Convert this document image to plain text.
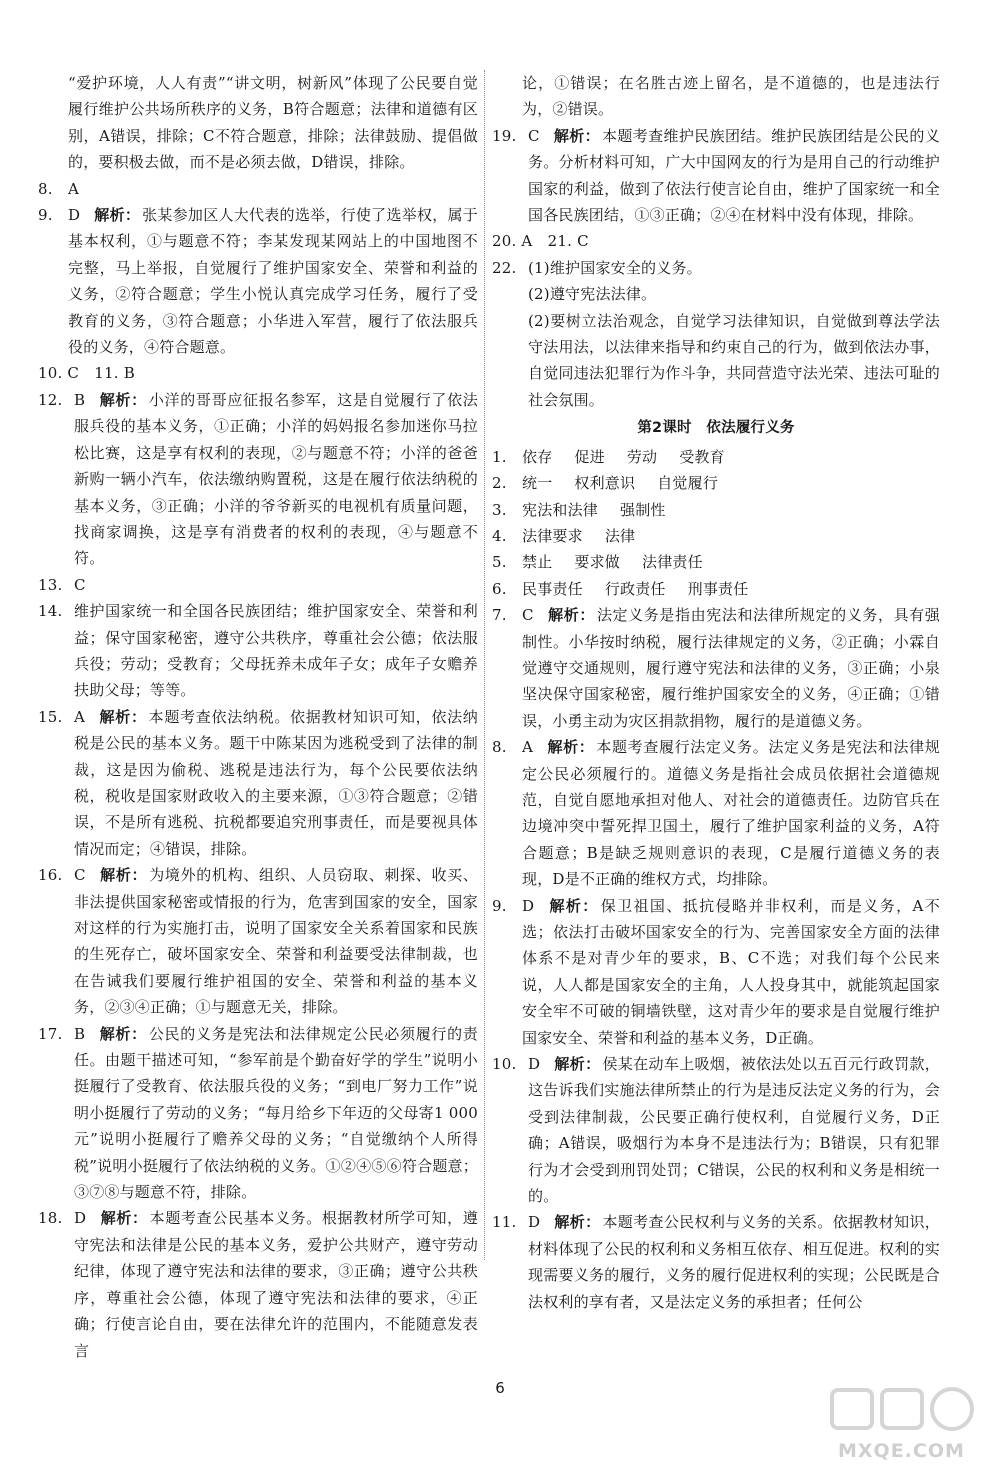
“爱护环境，人人有责”“讲文明，树新风”体现了公民要自觉履行维护公共场所秩序的义务，B符合题意；法律和道德有区别，A错误，排除；C不符合题意，排除；法律鼓励、提倡做的，要积极去做，而不是必须去做，D错误，排除。
8.	A
9.	D 解析： 张某参加区人大代表的选举，行使了选举权，属于基本权利，①与题意不符；李某发现某网站上的中国地图不完整，马上举报，自觉履行了维护国家安全、荣誉和利益的义务，②符合题意；学生小悦认真完成学习任务，履行了受教育的义务，③符合题意；小华进入军营，履行了依法服兵役的义务，④符合题意。
10. C　11. B
12. B 解析： 小洋的哥哥应征报名参军，这是自觉履行了依法服兵役的基本义务，①正确；小洋的妈妈报名参加迷你马拉松比赛，这是享有权利的表现，②与题意不符；小洋的爸爸新购一辆小汽车，依法缴纳购置税，这是在履行依法纳税的基本义务，③正确；小洋的爷爷新买的电视机有质量问题，找商家调换，这是享有消费者的权利的表现，④与题意不符。
13. C
14. 维护国家统一和全国各民族团结；维护国家安全、荣誉和利益；保守国家秘密，遵守公共秩序，尊重社会公德；依法服兵役；劳动；受教育；父母抚养未成年子女；成年子女赡养扶助父母；等等。
15. A 解析： 本题考查依法纳税。依据教材知识可知，依法纳税是公民的基本义务。题干中陈某因为逃税受到了法律的制裁，这是因为偷税、逃税是违法行为，每个公民要依法纳税，税收是国家财政收入的主要来源，①③符合题意；②错误，不是所有逃税、抗税都要追究刑事责任，而是要视具体情况而定；④错误，排除。
16. C 解析： 为境外的机构、组织、人员窃取、刺探、收买、非法提供国家秘密或情报的行为，危害到国家的安全，国家对这样的行为实施打击，说明了国家安全关系着国家和民族的生死存亡，破坏国家安全、荣誉和利益要受法律制裁，也在告诫我们要履行维护祖国的安全、荣誉和利益的基本义务，②③④正确；①与题意无关，排除。
17. B 解析： 公民的义务是宪法和法律规定公民必须履行的责任。由题干描述可知，“参军前是个勤奋好学的学生”说明小挺履行了受教育、依法服兵役的义务；“到电厂努力工作”说明小挺履行了劳动的义务；“每月给乡下年迈的父母寄1 000元”说明小挺履行了赡养父母的义务；“自觉缴纳个人所得税”说明小挺履行了依法纳税的义务。①②④⑤⑥符合题意；③⑦⑧与题意不符，排除。
18. D 解析： 本题考查公民基本义务。根据教材所学可知，遵守宪法和法律是公民的基本义务，爱护公共财产，遵守劳动纪律，体现了遵守宪法和法律的要求，③正确；遵守公共秩序，尊重社会公德，体现了遵守宪法和法律的要求，④正确；行使言论自由，要在法律允许的范围内，不能随意发表言
论，①错误；在名胜古迹上留名，是不道德的，也是违法行为，②错误。
19. C 解析： 本题考查维护民族团结。维护民族团结是公民的义务。分析材料可知，广大中国网友的行为是用自己的行动维护国家的利益，做到了依法行使言论自由，维护了国家统一和全国各民族团结，①③正确；②④在材料中没有体现，排除。
20. A　21. C
22. (1)维护国家安全的义务。
(2)遵守宪法法律。
(2)要树立法治观念，自觉学习法律知识，自觉做到尊法学法守法用法，以法律来指导和约束自己的行为，做到依法办事，自觉同违法犯罪行为作斗争，共同营造守法光荣、违法可耻的社会氛围。
第2课时　依法履行义务
1.	依存 促进 劳动 受教育
2.	统一 权利意识 自觉履行
3.	宪法和法律 强制性
4.	法律要求 法律
5.	禁止 要求做 法律责任
6.	民事责任 行政责任 刑事责任
7.	C 解析： 法定义务是指由宪法和法律所规定的义务，具有强制性。小华按时纳税，履行法律规定的义务，②正确；小霖自觉遵守交通规则，履行遵守宪法和法律的义务，③正确；小泉坚决保守国家秘密，履行维护国家安全的义务，④正确；①错误，小勇主动为灾区捐款捐物，履行的是道德义务。
8.	A 解析： 本题考查履行法定义务。法定义务是宪法和法律规定公民必须履行的。道德义务是指社会成员依据社会道德规范，自觉自愿地承担对他人、对社会的道德责任。边防官兵在边境冲突中誓死捍卫国土，履行了维护国家利益的义务，A符合题意；B是缺乏规则意识的表现，C是履行道德义务的表现，D是不正确的维权方式，均排除。
9.	D 解析： 保卫祖国、抵抗侵略并非权利，而是义务，A不选；依法打击破坏国家安全的行为、完善国家安全方面的法律体系不是对青少年的要求，B、C不选；对我们每个公民来说，人人都是国家安全的主角，人人投身其中，就能筑起国家安全牢不可破的铜墙铁壁，这对青少年的要求是自觉履行维护国家安全、荣誉和利益的基本义务，D正确。
10. D 解析： 侯某在动车上吸烟，被依法处以五百元行政罚款，这告诉我们实施法律所禁止的行为是违反法定义务的行为，会受到法律制裁，公民要正确行使权利，自觉履行义务，D正确；A错误，吸烟行为本身不是违法行为；B错误，只有犯罪行为才会受到刑罚处罚；C错误，公民的权利和义务是相统一的。
11. D 解析： 本题考查公民权利与义务的关系。依据教材知识，材料体现了公民的权利和义务相互依存、相互促进。权利的实现需要义务的履行，义务的履行促进权利的实现；公民既是合法权利的享有者，又是法定义务的承担者；任何公
6
MXQE.COM
